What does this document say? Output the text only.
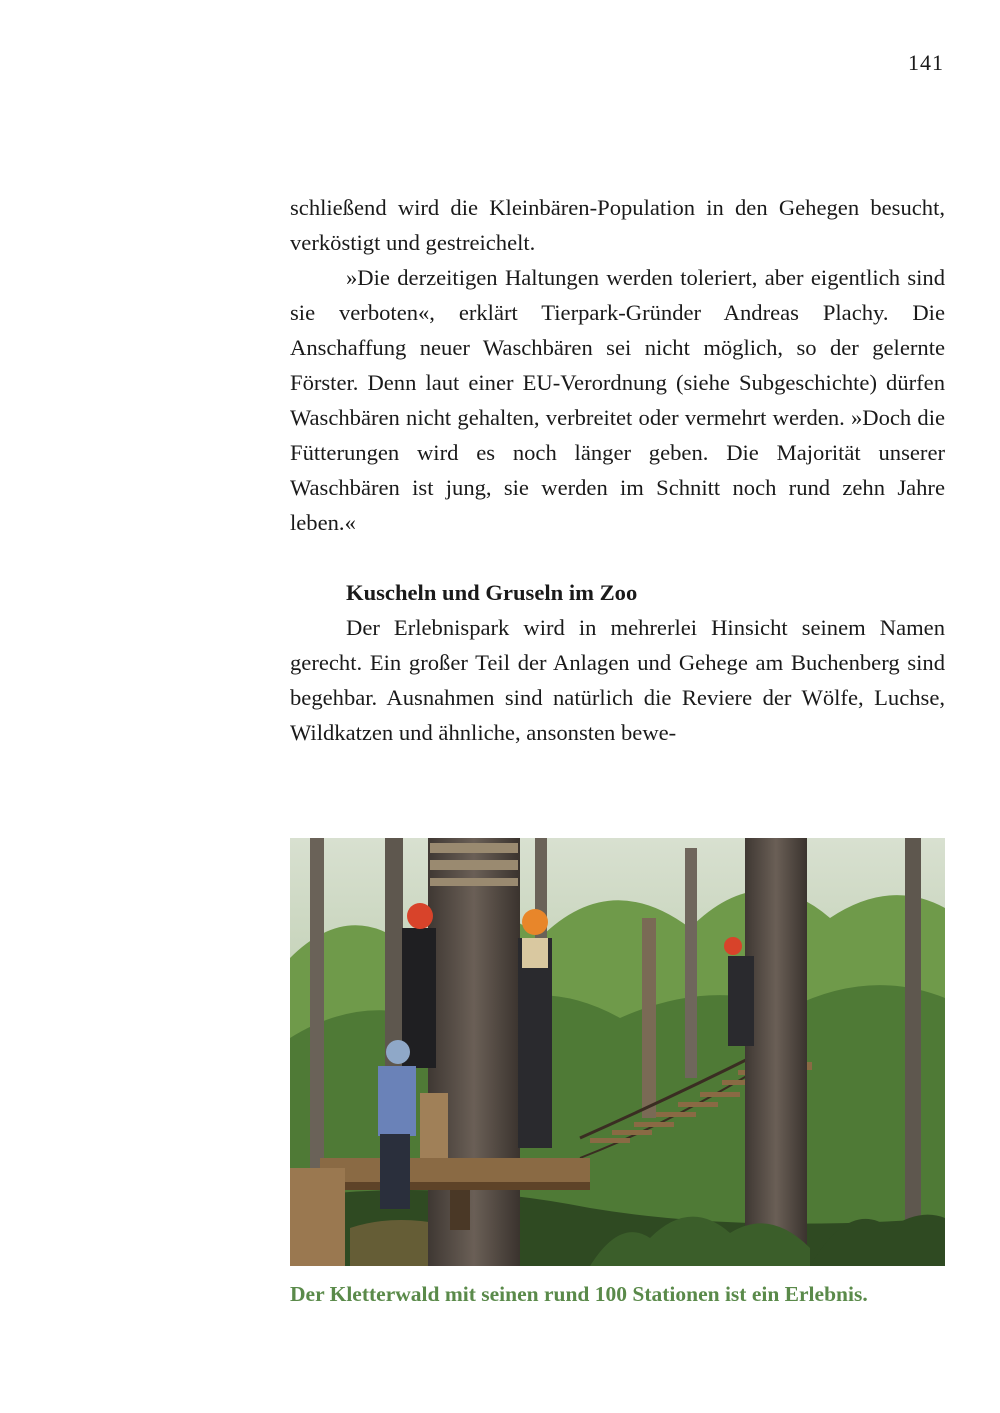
141

schließend wird die Kleinbären-Population in den Gehegen besucht, verköstigt und gestreichelt.

»Die derzeitigen Haltungen werden toleriert, aber eigentlich sind sie verboten«, erklärt Tierpark-Gründer Andreas Plachy. Die Anschaffung neuer Waschbären sei nicht möglich, so der gelernte Förster. Denn laut einer EU-Verordnung (siehe Subgeschichte) dürfen Waschbären nicht gehalten, verbreitet oder vermehrt werden. »Doch die Fütterungen wird es noch länger geben. Die Majorität unserer Waschbären ist jung, sie werden im Schnitt noch rund zehn Jahre leben.«

Kuscheln und Gruseln im Zoo

Der Erlebnispark wird in mehrerlei Hinsicht seinem Namen gerecht. Ein großer Teil der Anlagen und Gehege am Buchenberg sind begehbar. Ausnahmen sind natürlich die Reviere der Wölfe, Luchse, Wildkatzen und ähnliche, ansonsten bewe-

Der Kletterwald mit seinen rund 100 Stationen ist ein Erlebnis.
